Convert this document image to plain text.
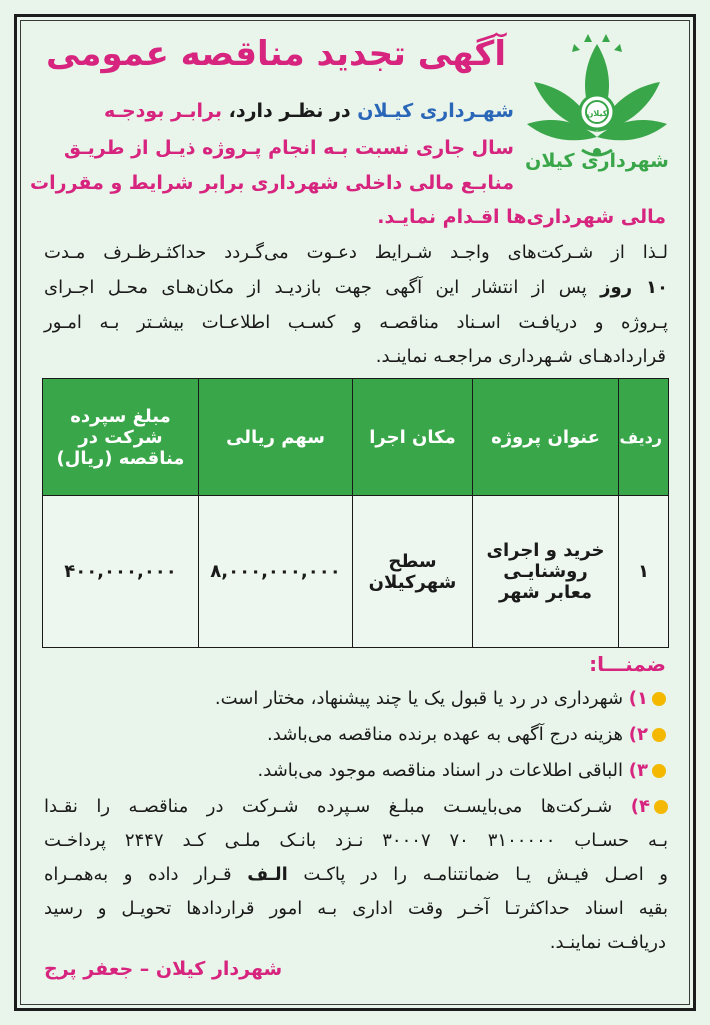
کیلان
شهرداری کیلان
آگهی تجدید مناقصه عمومی
شهـرداری کیـلان در نظـر دارد، برابـر بودجـه
سال جاری نسبت بـه انجام پـروژه ذیـل از طریـق
منابـع مالی داخلی شهرداری برابر شرایط و مقررات
مالی شهرداری‌ها اقـدام نمایـد.
لـذا از شـرکت‌های واجـد شـرایط دعـوت می‌گـردد حداکثـرظـرف مـدت
۱۰ روز پس از انتشار این آگهی جهت بازدیـد از مکان‌هـای محـل اجـرای
پـروژه و دریافـت اسـناد مناقصـه و کسـب اطلاعـات بیشـتر بـه امـور
قراردادهـای شـهرداری مراجعـه نماینـد.
ردیف	عنوان پروژه	مکان اجرا	سهم ریالی	مبلغ سپرده شرکت در مناقصه (ریال)
۱	خرید و اجرای روشنایـی معابر شهر	سطح شهرکیلان	۸,۰۰۰,۰۰۰,۰۰۰	۴۰۰,۰۰۰,۰۰۰
ضمنـــا:
۱) شهرداری در رد یا قبول یک یا چند پیشنهاد، مختار است.
۲) هزینه درج آگهی به عهده برنده مناقصه می‌باشد.
۳) الباقی اطلاعات در اسناد مناقصه موجود می‌باشد.
۴) شـرکت‌ها می‌بایسـت مبلـغ سـپرده شـرکت در مناقصـه را نقـدا
بـه حسـاب ۳۱۰۰۰۰۰ ۷۰ ۳۰۰۰۷ نـزد بانـک ملـی کـد ۲۴۴۷ پرداخـت
و اصـل فیـش یـا ضمانتنامـه را در پاکـت الـف قـرار داده و به‌همـراه
بقیه اسناد حداکثرتـا آخـر وقت اداری بـه امور قراردادها تحویـل و رسید
دریافـت نماینـد.
شهردار کیلان – جعفر پرج
